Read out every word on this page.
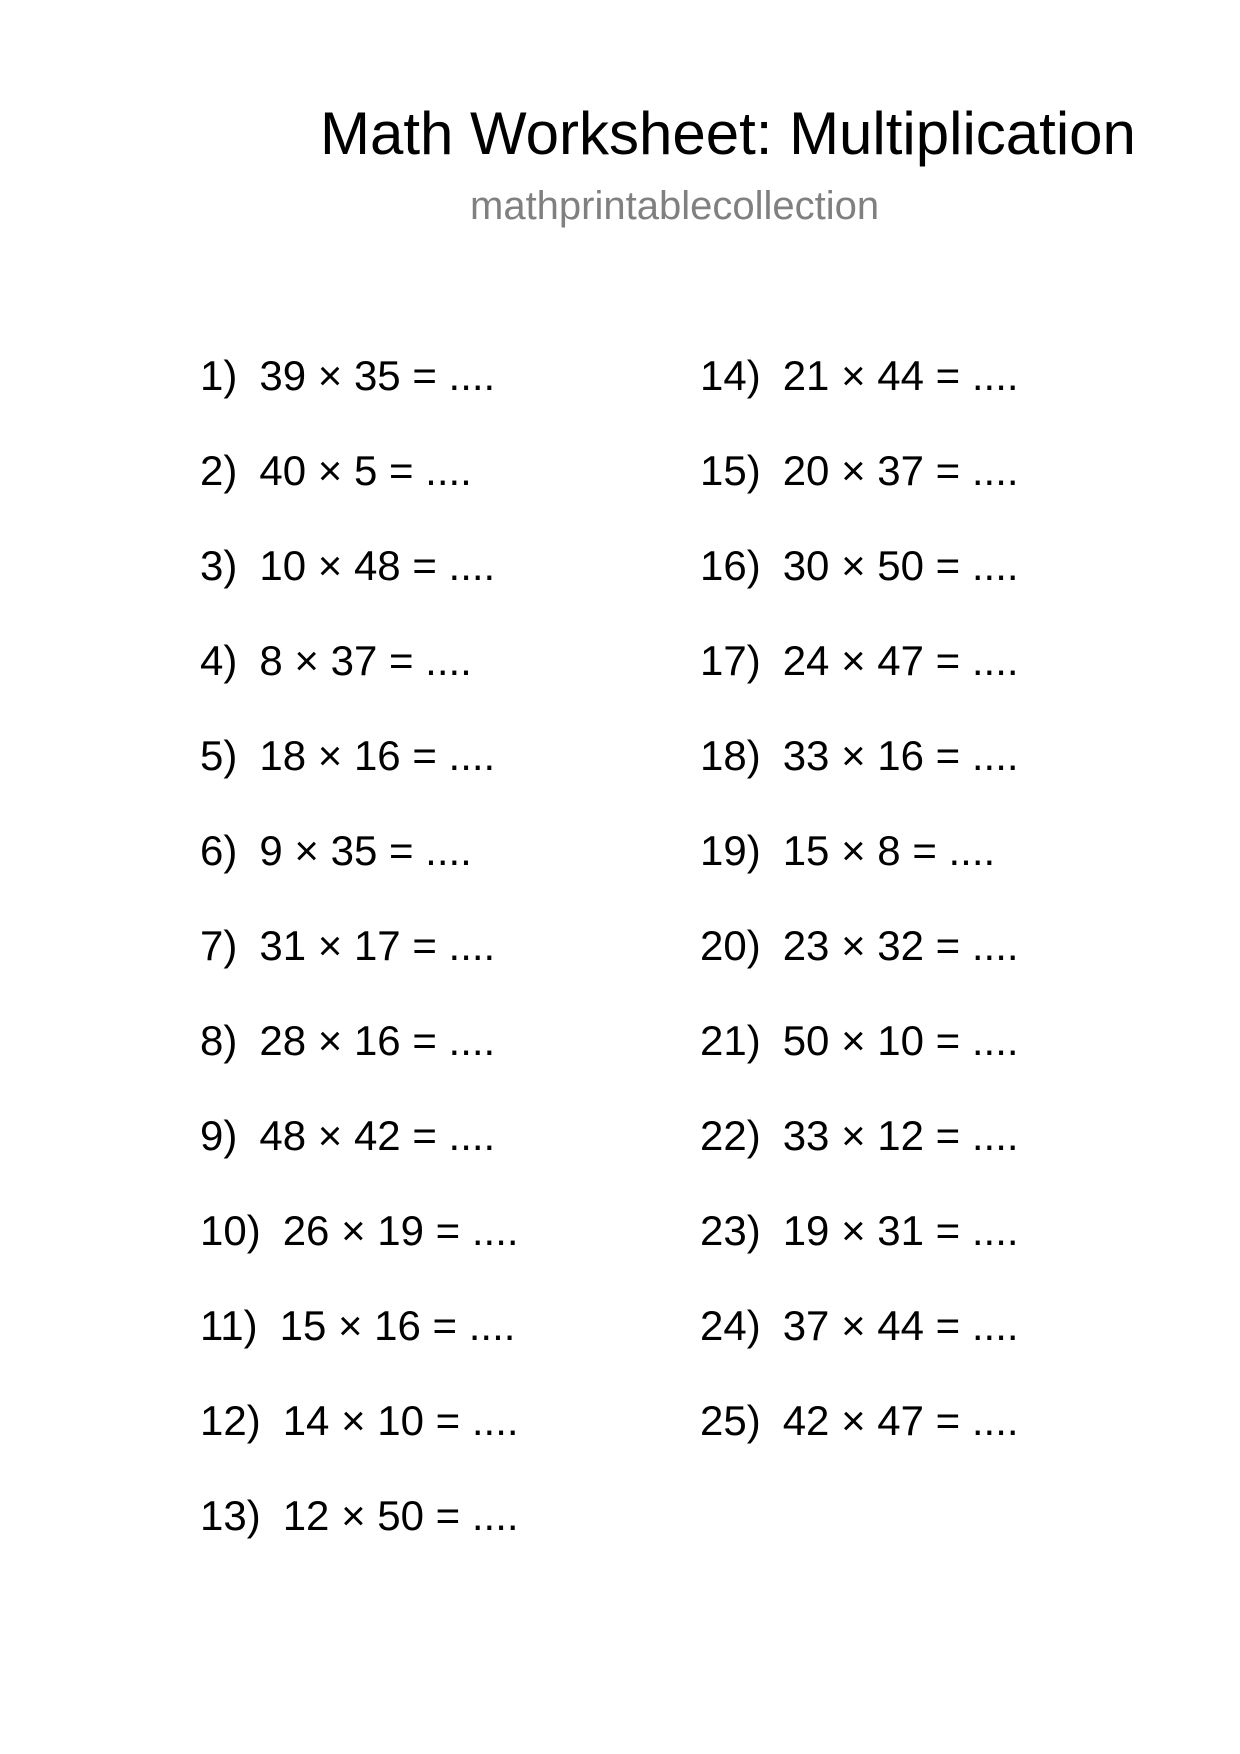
Math Worksheet: Multiplication
mathprintablecollection
1) 39 × 35 = ....
2) 40 × 5 = ....
3) 10 × 48 = ....
4) 8 × 37 = ....
5) 18 × 16 = ....
6) 9 × 35 = ....
7) 31 × 17 = ....
8) 28 × 16 = ....
9) 48 × 42 = ....
10) 26 × 19 = ....
11) 15 × 16 = ....
12) 14 × 10 = ....
13) 12 × 50 = ....
14) 21 × 44 = ....
15) 20 × 37 = ....
16) 30 × 50 = ....
17) 24 × 47 = ....
18) 33 × 16 = ....
19) 15 × 8 = ....
20) 23 × 32 = ....
21) 50 × 10 = ....
22) 33 × 12 = ....
23) 19 × 31 = ....
24) 37 × 44 = ....
25) 42 × 47 = ....
